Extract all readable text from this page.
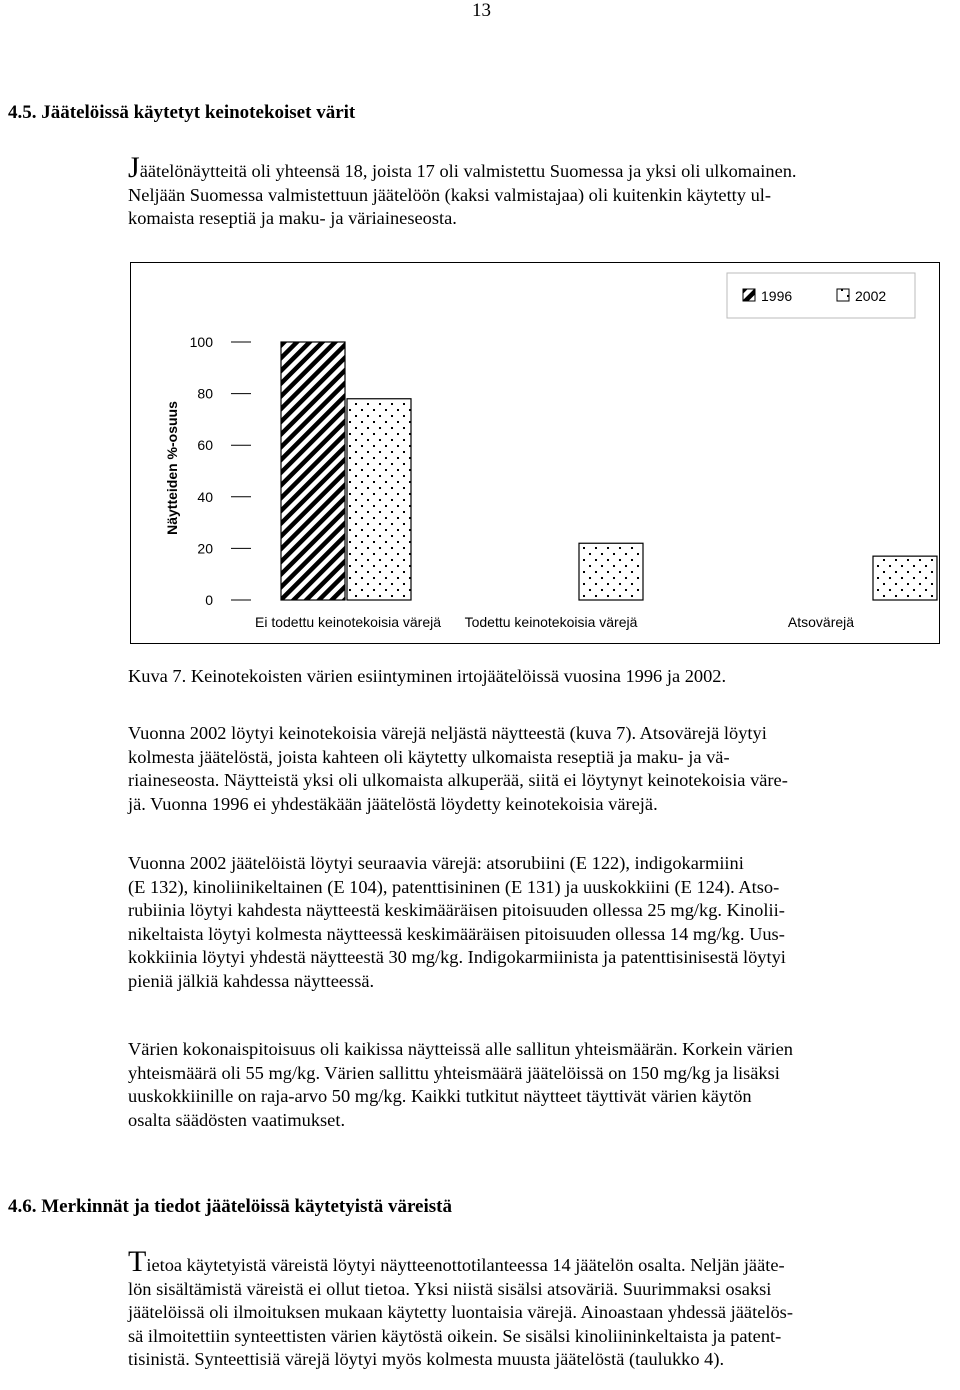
13
4.5. Jäätelöissä käytetyt keinotekoiset värit

Jäätelönäytteitä oli yhteensä 18, joista 17 oli valmistettu Suomessa ja yksi oli ulkomainen.
Neljään Suomessa valmistettuun jäätelöön (kaksi valmistajaa) oli kuitenkin käytetty ul-
komaista reseptiä ja maku- ja väriaineseosta.

0
20
40
60
80
100
Ei todettu keinotekoisia värejä Todettu keinotekoisia värejä	Atsovärejä
Näytteiden %-osuus
1996	2002

Kuva 7. Keinotekoisten värien esiintyminen irtojäätelöissä vuosina 1996 ja 2002.

Vuonna 2002 löytyi keinotekoisia värejä neljästä näytteestä (kuva 7). Atsovärejä löytyi
kolmesta jäätelöstä, joista kahteen oli käytetty ulkomaista reseptiä ja maku- ja vä-
riaineseosta. Näytteistä yksi oli ulkomaista alkuperää, siitä ei löytynyt keinotekoisia väre-
jä. Vuonna 1996 ei yhdestäkään jäätelöstä löydetty keinotekoisia värejä.

Vuonna 2002 jäätelöistä löytyi seuraavia värejä: atsorubiini (E 122), indigokarmiini
(E 132), kinoliinikeltainen (E 104), patenttisininen (E 131) ja uuskokkiini (E 124). Atso-
rubiinia löytyi kahdesta näytteestä keskimääräisen pitoisuuden ollessa 25 mg/kg. Kinolii-
nikeltaista löytyi kolmesta näytteessä keskimääräisen pitoisuuden ollessa 14 mg/kg. Uus-
kokkiinia löytyi yhdestä näytteestä 30 mg/kg. Indigokarmiinista ja patenttisinisestä löytyi
pieniä jälkiä kahdessa näytteessä.

Värien kokonaispitoisuus oli kaikissa näytteissä alle sallitun yhteismäärän. Korkein värien
yhteismäärä oli 55 mg/kg. Värien sallittu yhteismäärä jäätelöissä on 150 mg/kg ja lisäksi
uuskokkiinille on raja-arvo 50 mg/kg. Kaikki tutkitut näytteet täyttivät värien käytön
osalta säädösten vaatimukset.

4.6. Merkinnät ja tiedot jäätelöissä käytetyistä väreistä

Tietoa käytetyistä väreistä löytyi näytteenottotilanteessa 14 jäätelön osalta. Neljän jääte-
lön sisältämistä väreistä ei ollut tietoa. Yksi niistä sisälsi atsoväriä. Suurimmaksi osaksi
jäätelöissä oli ilmoituksen mukaan käytetty luontaisia värejä. Ainoastaan yhdessä jäätelös-
sä ilmoitettiin synteettisten värien käytöstä oikein. Se sisälsi kinoliininkeltaista ja patent-
tisinistä. Synteettisiä värejä löytyi myös kolmesta muusta jäätelöstä (taulukko 4).
